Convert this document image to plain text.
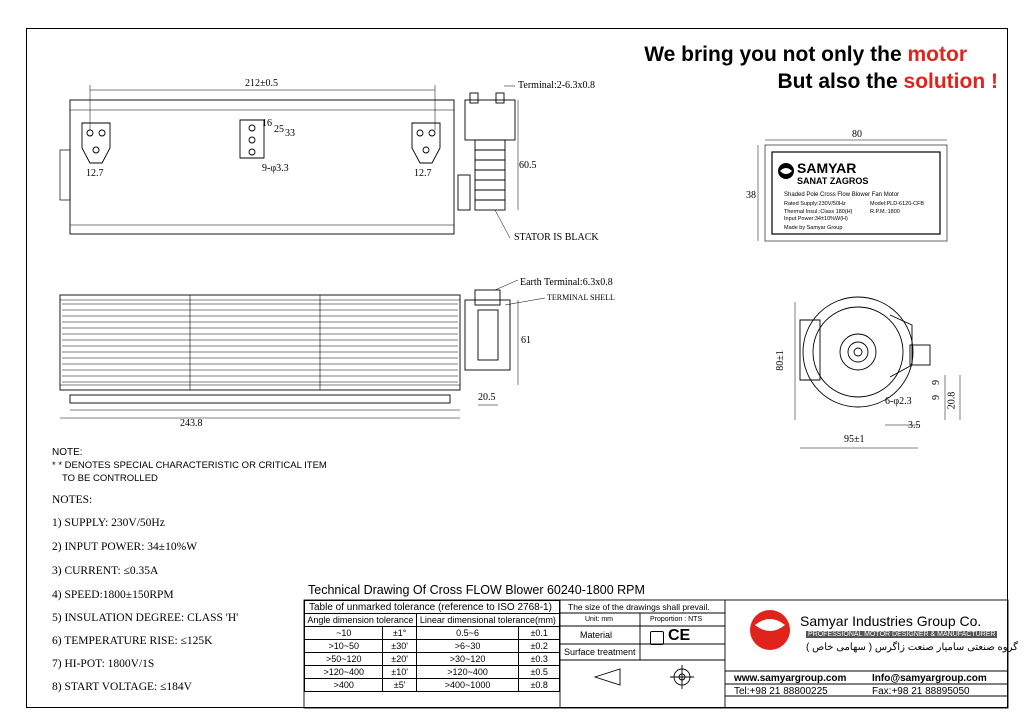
We bring you not only the motor
But also the solution !
212±0.5	Terminal:2-6.3x0.8
12.7	12.7
9-φ3.3
16
25 33
60.5
STATOR IS BLACK
Earth Terminal:6.3x0.8
TERMINAL SHELL
61
20.5
243.8
80
38
SAMYAR
SANAT ZAGROS
Shaded Pole Cross Flow Blower Fan Motor
Rated Supply:230V/50Hz	Model:PLD-6120-CFB
Thermal Insul.:Class 180(H)	R.P.M.:1800
Input Power:34±10%W(H)
Made by Samyar Group
80±1
9
9 20.8
6-φ2.3
3.5
95±1
NOTE:
* * DENOTES SPECIAL CHARACTERISTIC OR CRITICAL ITEM
TO BE CONTROLLED
NOTES:
1) SUPPLY: 230V/50Hz
2) INPUT POWER: 34±10%W
3) CURRENT: ≤0.35A
4) SPEED:1800±150RPM
5) INSULATION DEGREE: CLASS 'H'
6) TEMPERATURE RISE: ≤125K
7) HI-POT: 1800V/1S
8) START VOLTAGE: ≤184V
Technical Drawing Of Cross FLOW Blower 60240-1800 RPM
Table of unmarked tolerance (reference to ISO 2768-1)			
Angle dimension tolerance		Linear dimensional tolerance(mm)	
~10	±1°	0.5~6	±0.1
>10~50	±30'	>6~30	±0.2
>50~120	±20'	>30~120	±0.3
>120~400	±10'	>120~400	±0.5
>400	±5'	>400~1000	±0.8
The size of the drawings shall prevail.
Unit: mm	Proportion : NTS
Material
Surface treatment
CE
Samyar Industries Group Co.
PROFESSIONAL MOTOR DESIGNER & MANUFACTURER
گروه صنعتی سامیار صنعت زاگرس ( سهامی خاص )
www.samyargroup.com	Info@samyargroup.com
Tel:+98 21 88800225	Fax:+98 21 88895050
